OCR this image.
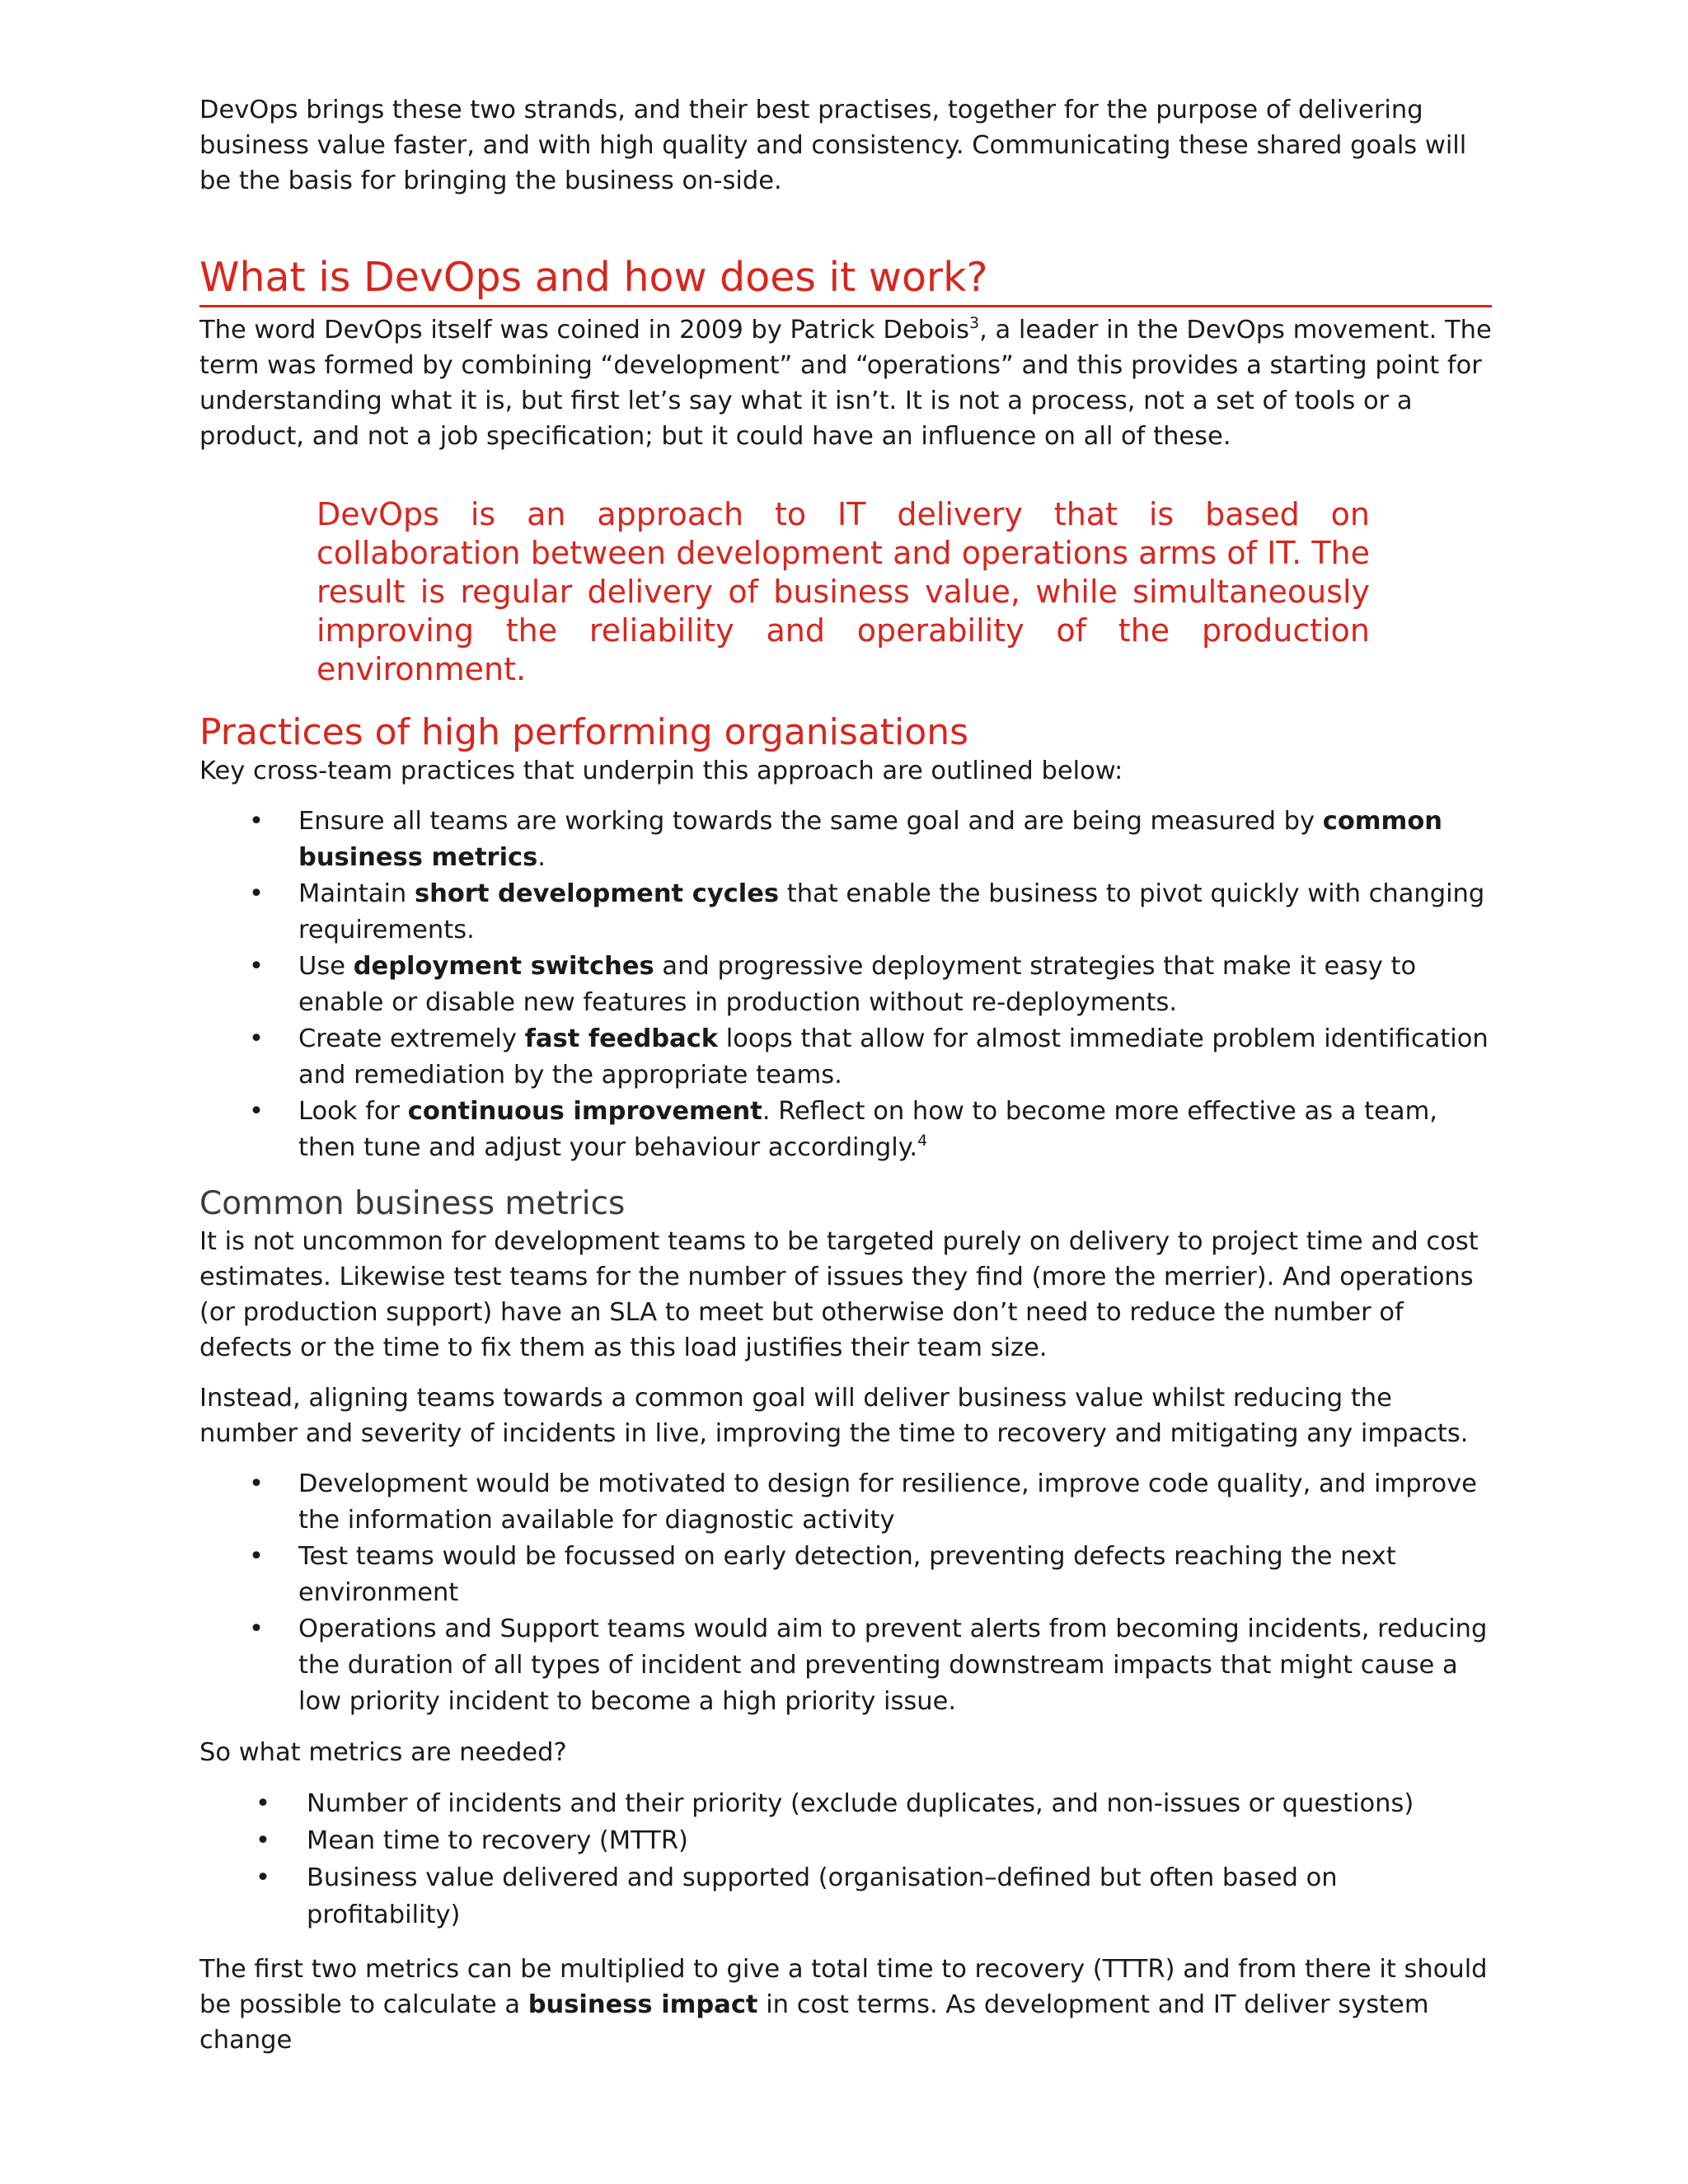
DevOps brings these two strands, and their best practises, together for the purpose of delivering business value faster, and with high quality and consistency. Communicating these shared goals will be the basis for bringing the business on-side.

What is DevOps and how does it work?

The word DevOps itself was coined in 2009 by Patrick Debois$^3$, a leader in the DevOps movement. The term was formed by combining “development” and “operations” and this provides a starting point for understanding what it is, but first let’s say what it isn’t. It is not a process, not a set of tools or a product, and not a job specification; but it could have an influence on all of these.

DevOps is an approach to IT delivery that is based on collaboration between development and operations arms of IT. The result is regular delivery of business value, while simultaneously improving the reliability and operability of the production environment.
Practices of high performing organisations

Key cross-team practices that underpin this approach are outlined below:

• Ensure all teams are working towards the same goal and are being measured by common business metrics.
• Maintain short development cycles that enable the business to pivot quickly with changing requirements.
• Use deployment switches and progressive deployment strategies that make it easy to enable or disable new features in production without re-deployments.
• Create extremely fast feedback loops that allow for almost immediate problem identification and remediation by the appropriate teams.
• Look for continuous improvement. Reflect on how to become more effective as a team, then tune and adjust your behaviour accordingly.$^4$
Common business metrics

It is not uncommon for development teams to be targeted purely on delivery to project time and cost estimates. Likewise test teams for the number of issues they find (more the merrier). And operations (or production support) have an SLA to meet but otherwise don’t need to reduce the number of defects or the time to fix them as this load justifies their team size.

Instead, aligning teams towards a common goal will deliver business value whilst reducing the number and severity of incidents in live, improving the time to recovery and mitigating any impacts.

• Development would be motivated to design for resilience, improve code quality, and improve the information available for diagnostic activity
• Test teams would be focussed on early detection, preventing defects reaching the next environment
• Operations and Support teams would aim to prevent alerts from becoming incidents, reducing the duration of all types of incident and preventing downstream impacts that might cause a low priority incident to become a high priority issue.

So what metrics are needed?

• Number of incidents and their priority (exclude duplicates, and non-issues or questions)
• Mean time to recovery (MTTR)
• Business value delivered and supported (organisation–defined but often based on profitability)

The first two metrics can be multiplied to give a total time to recovery (TTTR) and from there it should be possible to calculate a business impact in cost terms. As development and IT deliver system change
